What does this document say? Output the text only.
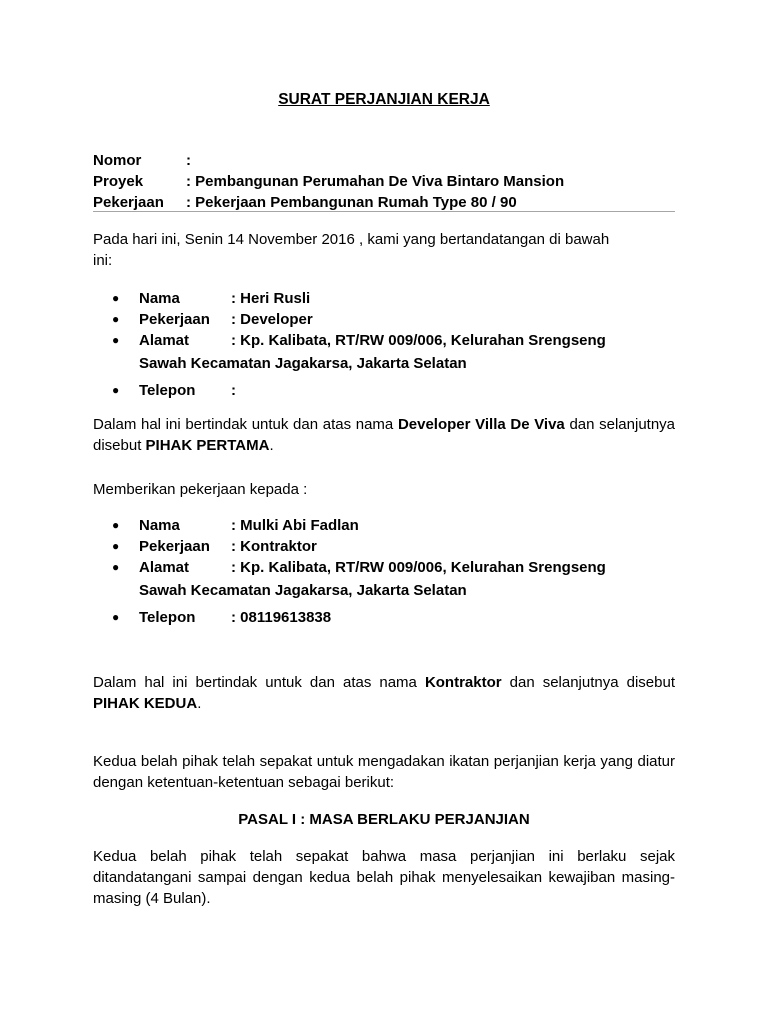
SURAT PERJANJIAN KERJA
Nomor	:
Proyek	: Pembangunan Perumahan De Viva Bintaro Mansion
Pekerjaan	: Pekerjaan Pembangunan Rumah Type 80 / 90
Pada hari ini, Senin 14 November 2016 , kami yang bertandatangan di bawah
ini:
●	Nama	: Heri Rusli
●	Pekerjaan	: Developer
●	Alamat	: Kp. Kalibata, RT/RW 009/006, Kelurahan Srengseng
Sawah Kecamatan Jagakarsa, Jakarta Selatan
●	Telepon	:
Dalam hal ini bertindak untuk dan atas nama Developer Villa De Viva dan selanjutnya disebut PIHAK PERTAMA.
Memberikan pekerjaan kepada :
●	Nama	: Mulki Abi Fadlan
●	Pekerjaan	: Kontraktor
●	Alamat	: Kp. Kalibata, RT/RW 009/006, Kelurahan Srengseng
Sawah Kecamatan Jagakarsa, Jakarta Selatan
●	Telepon	: 08119613838
Dalam hal ini bertindak untuk dan atas nama Kontraktor dan selanjutnya disebut PIHAK KEDUA.
Kedua belah pihak telah sepakat untuk mengadakan ikatan perjanjian kerja yang diatur dengan ketentuan-ketentuan sebagai berikut:
PASAL I : MASA BERLAKU PERJANJIAN
Kedua belah pihak telah sepakat bahwa masa perjanjian ini berlaku sejak ditandatangani sampai dengan kedua belah pihak menyelesaikan kewajiban masing-masing (4 Bulan).
